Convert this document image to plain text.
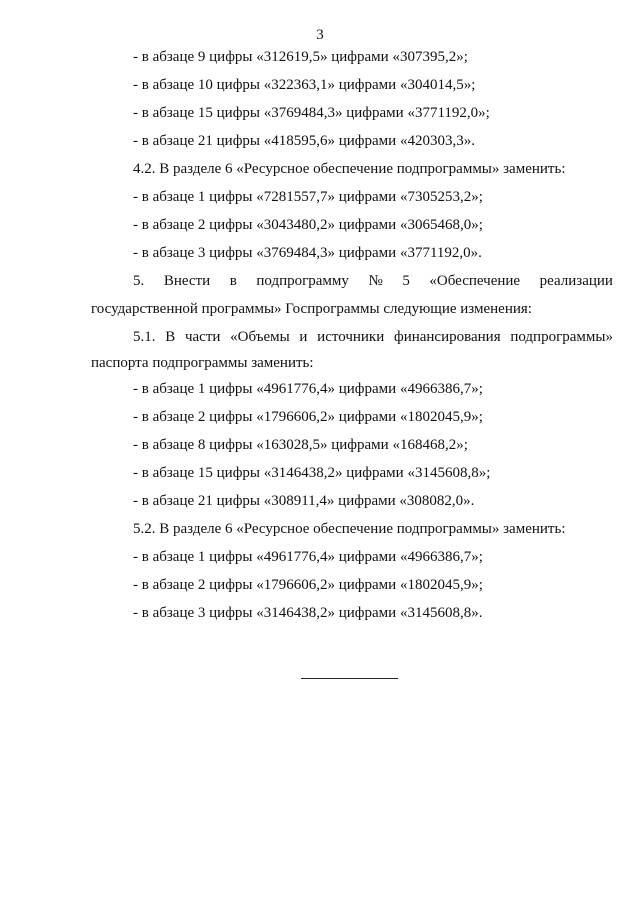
3
- в абзаце 9 цифры «312619,5» цифрами «307395,2»;
- в абзаце 10 цифры «322363,1» цифрами «304014,5»;
- в абзаце 15 цифры «3769484,3» цифрами «3771192,0»;
- в абзаце 21 цифры «418595,6» цифрами «420303,3».
4.2. В разделе 6 «Ресурсное обеспечение подпрограммы» заменить:
- в абзаце 1 цифры «7281557,7» цифрами «7305253,2»;
- в абзаце 2 цифры «3043480,2» цифрами «3065468,0»;
- в абзаце 3 цифры «3769484,3» цифрами «3771192,0».
5. Внести в подпрограмму № 5 «Обеспечение реализации
государственной программы» Госпрограммы следующие изменения:
5.1. В части «Объемы и источники финансирования подпрограммы»
паспорта подпрограммы заменить:
- в абзаце 1 цифры «4961776,4» цифрами «4966386,7»;
- в абзаце 2 цифры «1796606,2» цифрами «1802045,9»;
- в абзаце 8 цифры «163028,5» цифрами «168468,2»;
- в абзаце 15 цифры «3146438,2» цифрами «3145608,8»;
- в абзаце 21 цифры «308911,4» цифрами «308082,0».
5.2. В разделе 6 «Ресурсное обеспечение подпрограммы» заменить:
- в абзаце 1 цифры «4961776,4» цифрами «4966386,7»;
- в абзаце 2 цифры «1796606,2» цифрами «1802045,9»;
- в абзаце 3 цифры «3146438,2» цифрами «3145608,8».
